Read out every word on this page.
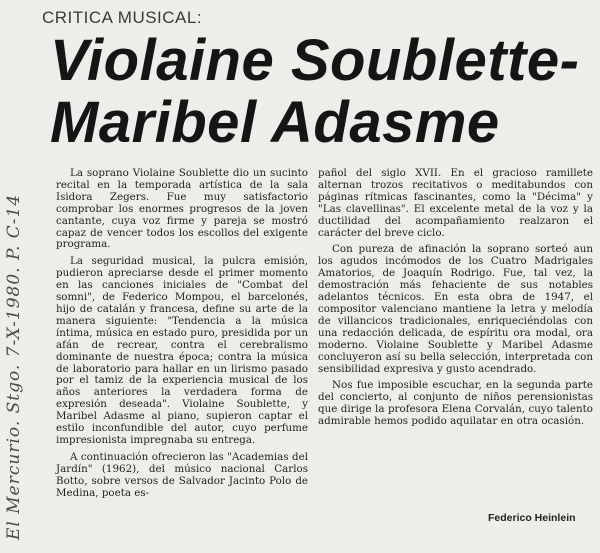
CRITICA MUSICAL:
Violaine Soublette-
Maribel Adasme
El Mercurio. Stgo. 7-X-1980. P. C-14

La soprano Violaine Soublette dio un sucinto recital en la temporada artística de la sala Isidora Zegers. Fue muy satisfactorio comprobar los enormes progresos de la joven cantante, cuya voz firme y pareja se mostró capaz de vencer todos los escollos del exigente programa.

La seguridad musical, la pulcra emisión, pudieron apreciarse desde el primer momento en las canciones iniciales de "Combat del somni", de Federico Mompou, el barcelonés, hijo de catalán y francesa, define su arte de la manera siguiente: "Tendencia a la música íntima, música en estado puro, presidida por un afán de recrear, contra el cerebralismo dominante de nuestra época; contra la música de laboratorio para hallar en un lirismo pasado por el tamiz de la experiencia musical de los años anteriores la verdadera forma de expresión deseada". Violaine Soublette, y Maribel Adasme al piano, supieron captar el estilo inconfundible del autor, cuyo perfume impresionista impregnaba su entrega.

A continuación ofrecieron las "Academias del Jardín" (1962), del músico nacional Carlos Botto, sobre versos de Salvador Jacinto Polo de Medina, poeta es-

pañol del siglo XVII. En el gracioso ramillete alternan trozos recitativos o meditabundos con páginas rítmicas fascinantes, como la "Décima" y "Las clavellinas". El excelente metal de la voz y la ductilidad del acompañamiento realzaron el carácter del breve ciclo.

Con pureza de afinación la soprano sorteó aun los agudos incómodos de los Cuatro Madrigales Amatorios, de Joaquín Rodrigo. Fue, tal vez, la demostración más fehaciente de sus notables adelantos técnicos. En esta obra de 1947, el compositor valenciano mantiene la letra y melodía de villancicos tradicionales, enriqueciéndolas con una redacción delicada, de espíritu ora modal, ora moderno. Violaine Soublette y Maribel Adasme concluyeron así su bella selección, interpretada con sensibilidad expresiva y gusto acendrado.

Nos fue imposible escuchar, en la segunda parte del concierto, al conjunto de niños perensionistas que dirige la profesora Elena Corvalán, cuyo talento admirable hemos podido aquilatar en otra ocasión.

Federico Heinlein
